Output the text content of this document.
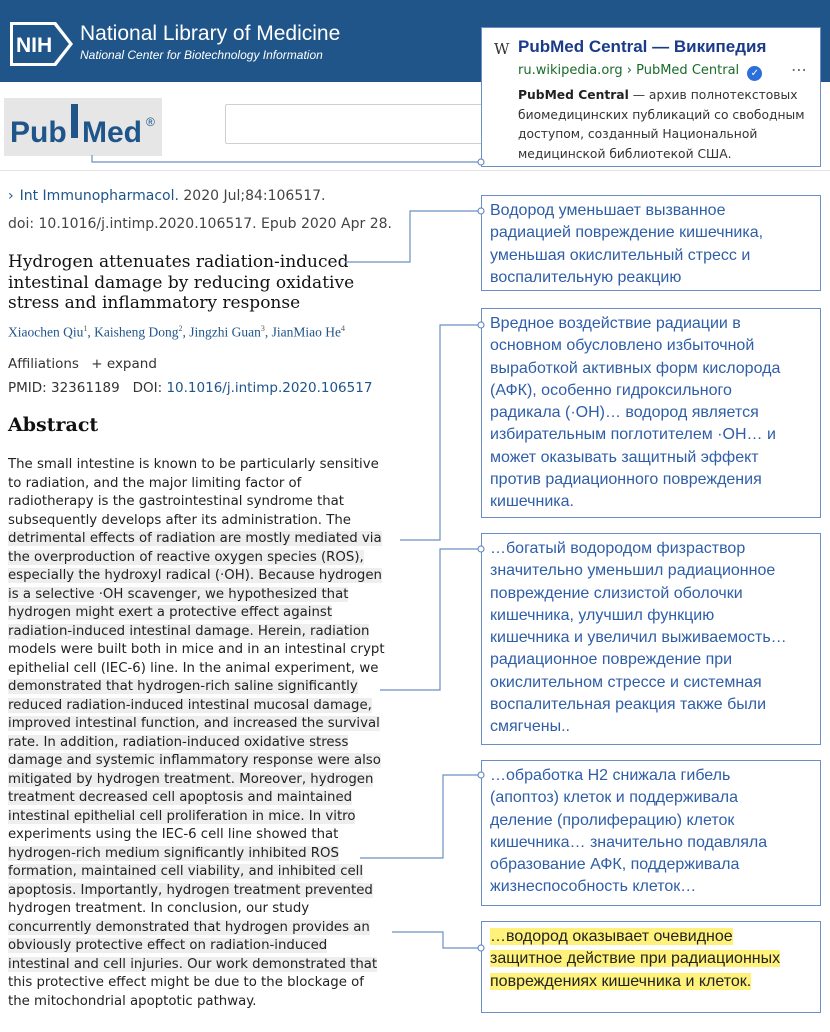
NIH
National Library of Medicine
National Center for Biotechnology Information
Pub Med ®
› Int Immunopharmacol. 2020 Jul;84:106517.
doi: 10.1016/j.intimp.2020.106517. Epub 2020 Apr 28.
Hydrogen attenuates radiation-induced
intestinal damage by reducing oxidative
stress and inflammatory response
Xiaochen Qiu$^1$, Kaisheng Dong$^2$, Jingzhi Guan$^3$, JianMiao He$^4$
Affiliations + expand
PMID: 32361189 DOI: 10.1016/j.intimp.2020.106517
Abstract
The small intestine is known to be particularly sensitive
to radiation, and the major limiting factor of
radiotherapy is the gastrointestinal syndrome that
subsequently develops after its administration. The
detrimental effects of radiation are mostly mediated via
the overproduction of reactive oxygen species (ROS),
especially the hydroxyl radical (·OH). Because hydrogen
is a selective ·OH scavenger, we hypothesized that
hydrogen might exert a protective effect against
radiation-induced intestinal damage. Herein, radiation
models were built both in mice and in an intestinal crypt
epithelial cell (IEC-6) line. In the animal experiment, we
demonstrated that hydrogen-rich saline significantly
reduced radiation-induced intestinal mucosal damage,
improved intestinal function, and increased the survival
rate. In addition, radiation-induced oxidative stress
damage and systemic inflammatory response were also
mitigated by hydrogen treatment. Moreover, hydrogen
treatment decreased cell apoptosis and maintained
intestinal epithelial cell proliferation in mice. In vitro
experiments using the IEC-6 cell line showed that
hydrogen-rich medium significantly inhibited ROS
formation, maintained cell viability, and inhibited cell
apoptosis. Importantly, hydrogen treatment prevented
hydrogen treatment. In conclusion, our study
concurrently demonstrated that hydrogen provides an
obviously protective effect on radiation-induced
intestinal and cell injuries. Our work demonstrated that
this protective effect might be due to the blockage of
the mitochondrial apoptotic pathway.
W PubMed Central — Википедия
ru.wikipedia.org › PubMed Central ✓ ⋯
PubMed Central — архив полнотекстовых
биомедицинских публикаций со свободным
доступом, созданный Национальной
медицинской библиотекой США.
Водород уменьшает вызванное
радиацией повреждение кишечника,
уменьшая окислительный стресс и
воспалительную реакцию
Вредное воздействие радиации в
основном обусловлено избыточной
выработкой активных форм кислорода
(АФК), особенно гидроксильного
радикала (·OH)… водород является
избирательным поглотителем ·OH… и
может оказывать защитный эффект
против радиационного повреждения
кишечника.
…богатый водородом физраствор
значительно уменьшил радиационное
повреждение слизистой оболочки
кишечника, улучшил функцию
кишечника и увеличил выживаемость…
радиационное повреждение при
окислительном стрессе и системная
воспалительная реакция также были
смягчены..
…обработка H2 снижала гибель
(апоптоз) клеток и поддерживала
деление (пролиферацию) клеток
кишечника… значительно подавляла
образование АФК, поддерживала
жизнеспособность клеток…
…водород оказывает очевидное
защитное действие при радиационных
повреждениях кишечника и клеток.
